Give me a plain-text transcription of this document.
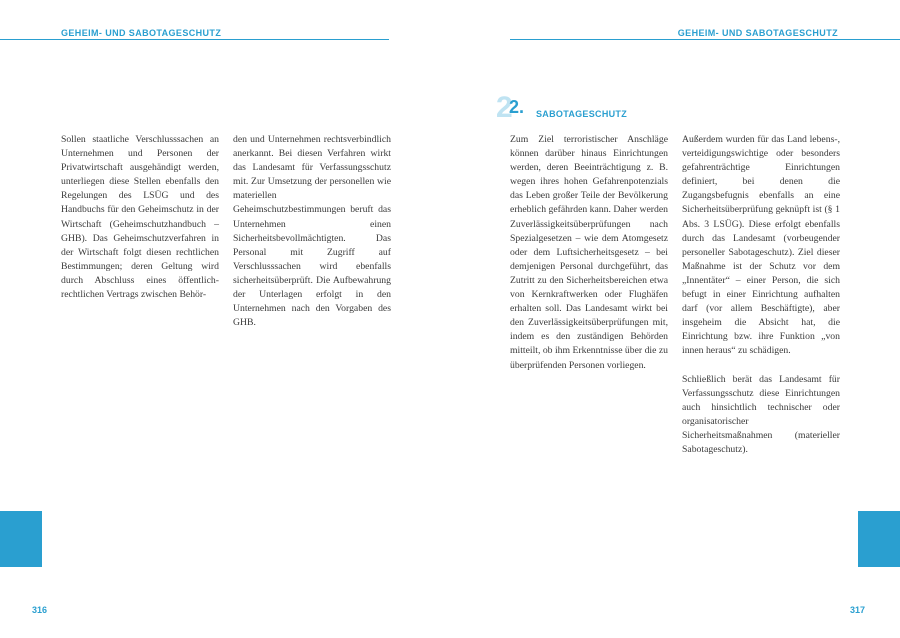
GEHEIM- UND SABOTAGESCHUTZ	GEHEIM- UND SABOTAGESCHUTZ

Sollen staatliche Verschlusssachen an Unternehmen und Personen der Privatwirtschaft ausgehändigt werden, unterliegen diese Stellen ebenfalls den Regelungen des LSÜG und des Handbuchs für den Geheimschutz in der Wirtschaft (Geheimschutzhandbuch – GHB). Das Geheimschutzverfahren in der Wirtschaft folgt diesen rechtlichen Bestimmungen; deren Geltung wird durch Abschluss eines öffentlich-rechtlichen Vertrags zwischen Behör-

den und Unternehmen rechtsverbindlich anerkannt. Bei diesen Verfahren wirkt das Landesamt für Verfassungsschutz mit. Zur Umsetzung der personellen wie materiellen Geheimschutzbestimmungen beruft das Unternehmen einen Sicherheitsbevollmächtigten. Das Personal mit Zugriff auf Verschlusssachen wird ebenfalls sicherheitsüberprüft. Die Aufbewahrung der Unterlagen erfolgt in den Unternehmen nach den Vorgaben des GHB.

2
2. SABOTAGESCHUTZ

Zum Ziel terroristischer Anschläge können darüber hinaus Einrichtungen werden, deren Beeinträchtigung z. B. wegen ihres hohen Gefahrenpotenzials das Leben großer Teile der Bevölkerung erheblich gefährden kann. Daher werden Zuverlässigkeitsüberprüfungen nach Spezialgesetzen – wie dem Atomgesetz oder dem Luftsicherheitsgesetz – bei demjenigen Personal durchgeführt, das Zutritt zu den Sicherheitsbereichen etwa von Kernkraftwerken oder Flughäfen erhalten soll. Das Landesamt wirkt bei den Zuverlässigkeitsüberprüfungen mit, indem es den zuständigen Behörden mitteilt, ob ihm Erkenntnisse über die zu überprüfenden Personen vorliegen.

Außerdem wurden für das Land lebens-, verteidigungswichtige oder besonders gefahrenträchtige Einrichtungen definiert, bei denen die Zugangsbefugnis ebenfalls an eine Sicherheitsüberprüfung geknüpft ist (§ 1 Abs. 3 LSÜG). Diese erfolgt ebenfalls durch das Landesamt (vorbeugender personeller Sabotageschutz). Ziel dieser Maßnahme ist der Schutz vor dem „Innentäter“ – einer Person, die sich befugt in einer Einrichtung aufhalten darf (vor allem Beschäftigte), aber insgeheim die Absicht hat, die Einrichtung bzw. ihre Funktion „von innen heraus“ zu schädigen.

Schließlich berät das Landesamt für Verfassungsschutz diese Einrichtungen auch hinsichtlich technischer oder organisatorischer Sicherheitsmaßnahmen (materieller Sabotageschutz).

316	317
